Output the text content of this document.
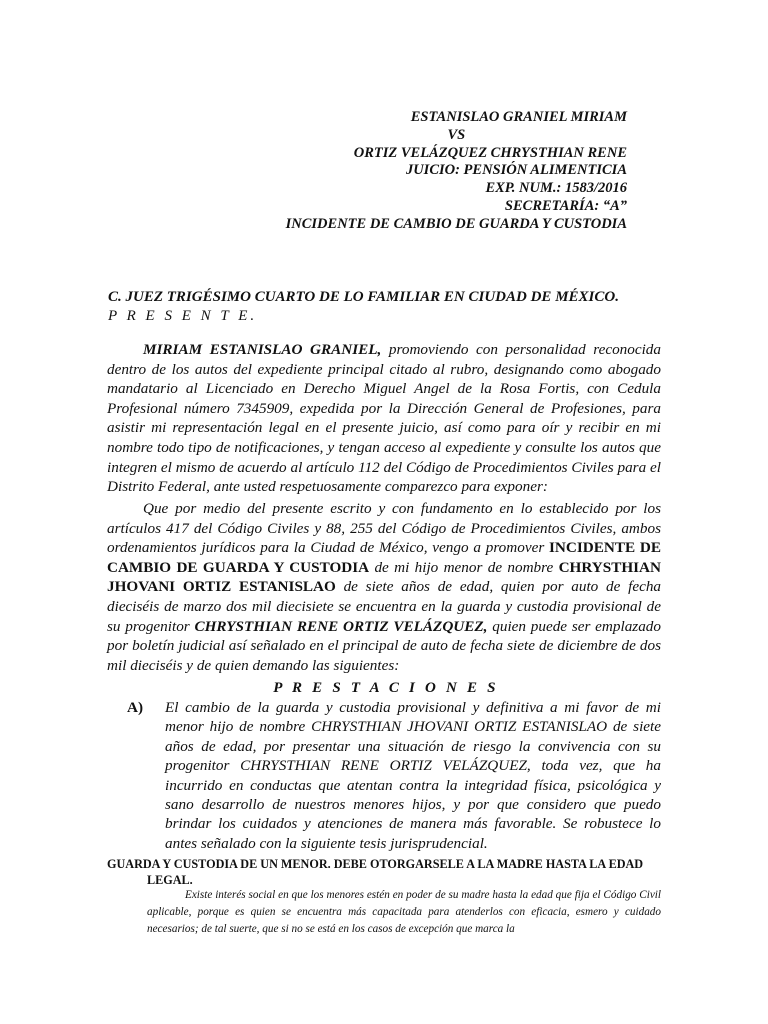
ESTANISLAO GRANIEL MIRIAM
VS
ORTIZ VELÁZQUEZ CHRYSTHIAN RENE
JUICIO: PENSIÓN ALIMENTICIA
EXP. NUM.: 1583/2016
SECRETARÍA: “A”
INCIDENTE DE CAMBIO DE GUARDA Y CUSTODIA
C. JUEZ TRIGÉSIMO CUARTO DE LO FAMILIAR EN CIUDAD DE MÉXICO.
P R E S E N T E.
MIRIAM ESTANISLAO GRANIEL, promoviendo con personalidad reconocida dentro de los autos del expediente principal citado al rubro, designando como abogado mandatario al Licenciado en Derecho Miguel Angel de la Rosa Fortis, con Cedula Profesional número 7345909, expedida por la Dirección General de Profesiones, para asistir mi representación legal en el presente juicio, así como para oír y recibir en mi nombre todo tipo de notificaciones, y tengan acceso al expediente y consulte los autos que integren el mismo de acuerdo al artículo 112 del Código de Procedimientos Civiles para el Distrito Federal, ante usted respetuosamente comparezco para exponer:
Que por medio del presente escrito y con fundamento en lo establecido por los artículos 417 del Código Civiles y 88, 255 del Código de Procedimientos Civiles, ambos ordenamientos jurídicos para la Ciudad de México, vengo a promover INCIDENTE DE CAMBIO DE GUARDA Y CUSTODIA de mi hijo menor de nombre CHRYSTHIAN JHOVANI ORTIZ ESTANISLAO de siete años de edad, quien por auto de fecha dieciséis de marzo dos mil diecisiete se encuentra en la guarda y custodia provisional de su progenitor CHRYSTHIAN RENE ORTIZ VELÁZQUEZ, quien puede ser emplazado por boletín judicial así señalado en el principal de auto de fecha siete de diciembre de dos mil dieciséis y de quien demando las siguientes:
P R E S T A C I O N E S
A) El cambio de la guarda y custodia provisional y definitiva a mi favor de mi menor hijo de nombre CHRYSTHIAN JHOVANI ORTIZ ESTANISLAO de siete años de edad, por presentar una situación de riesgo la convivencia con su progenitor CHRYSTHIAN RENE ORTIZ VELÁZQUEZ, toda vez, que ha incurrido en conductas que atentan contra la integridad física, psicológica y sano desarrollo de nuestros menores hijos, y por que considero que puedo brindar los cuidados y atenciones de manera más favorable. Se robustece lo antes señalado con la siguiente tesis jurisprudencial.
GUARDA Y CUSTODIA DE UN MENOR. DEBE OTORGARSELE A LA MADRE HASTA LA EDAD
LEGAL.
Existe interés social en que los menores estén en poder de su madre hasta la edad que fija el Código Civil aplicable, porque es quien se encuentra más capacitada para atenderlos con eficacia, esmero y cuidado necesarios; de tal suerte, que si no se está en los casos de excepción que marca la
